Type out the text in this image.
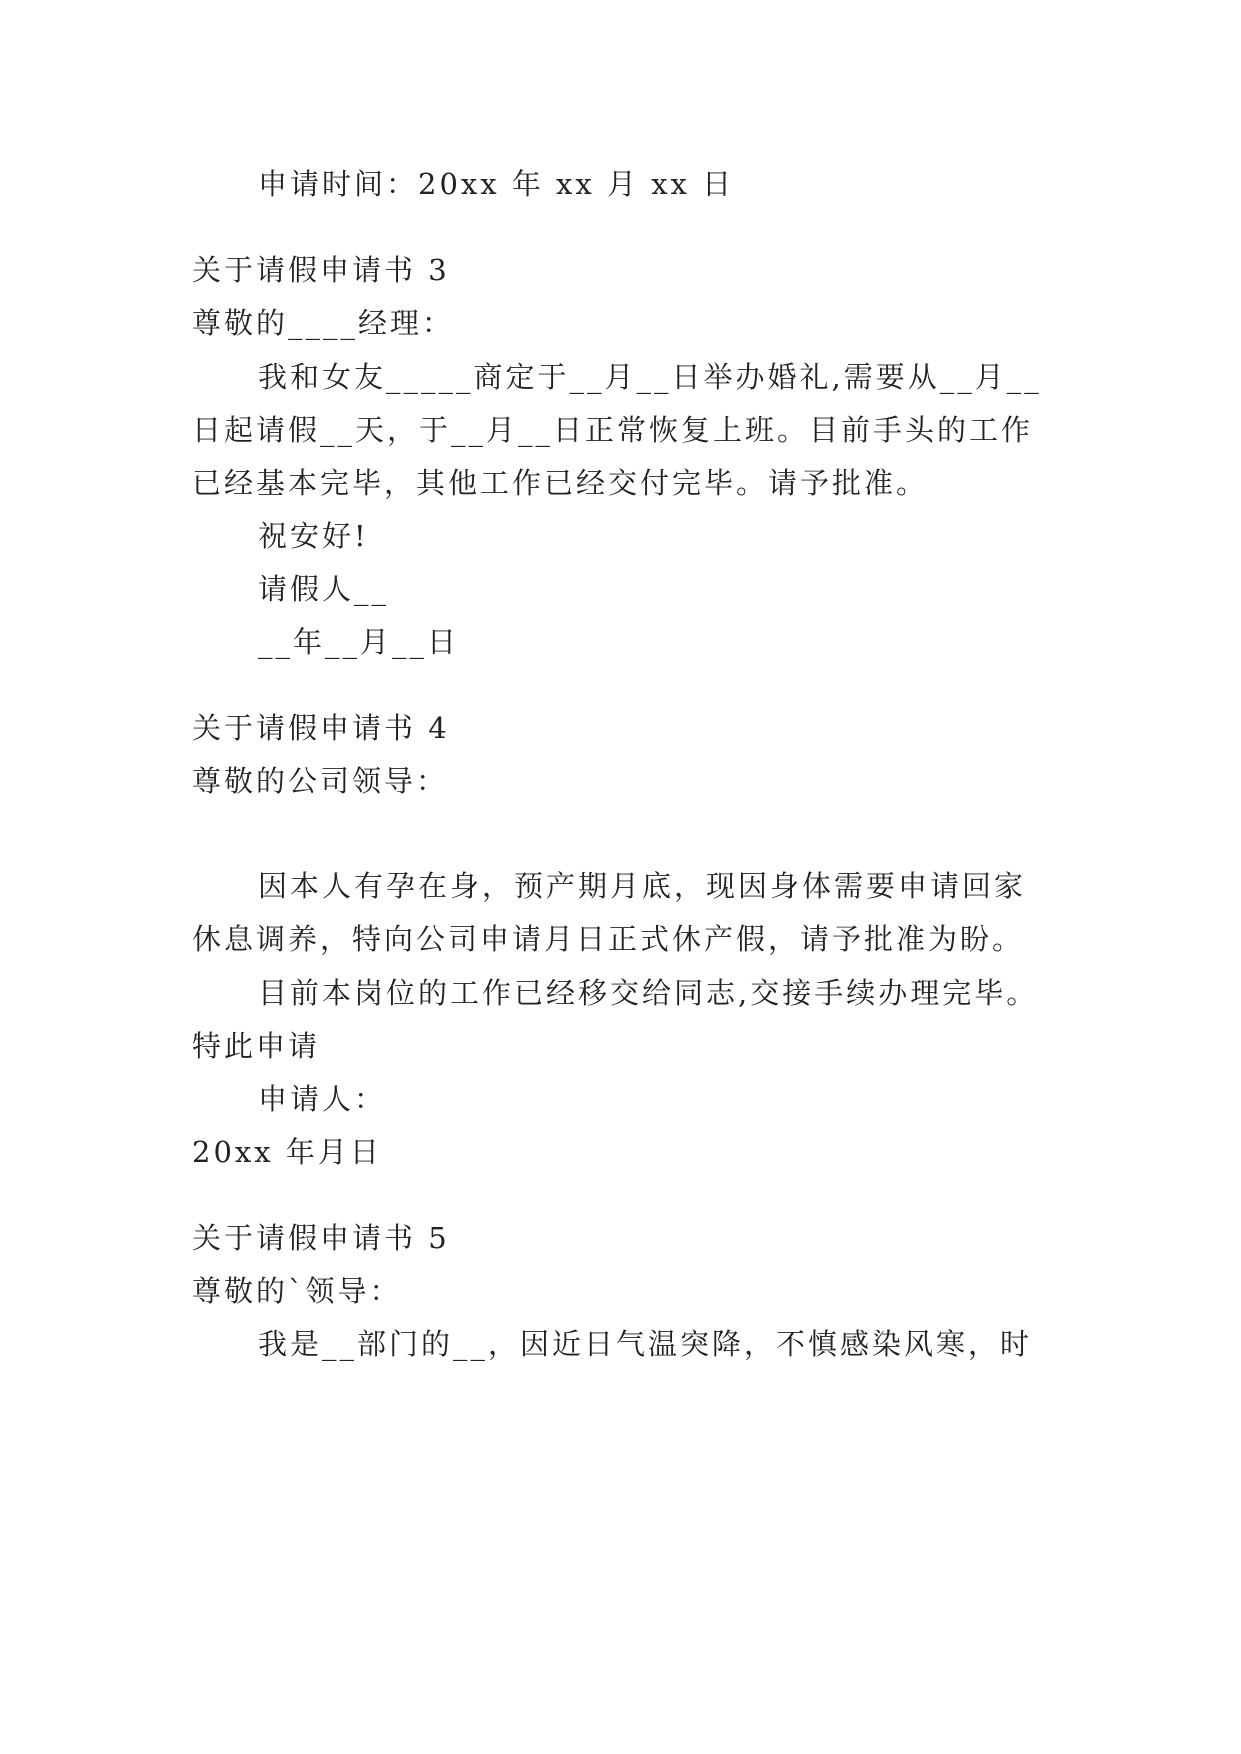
申请时间：20xx 年 xx 月 xx 日
关于请假申请书 3
尊敬的____经理：
我和女友_____商定于__月__日举办婚礼,需要从__月__
日起请假__天，于__月__日正常恢复上班。目前手头的工作
已经基本完毕，其他工作已经交付完毕。请予批准。
祝安好!
请假人__
__年__月__日
关于请假申请书 4
尊敬的公司领导：
因本人有孕在身，预产期月底，现因身体需要申请回家
休息调养，特向公司申请月日正式休产假，请予批准为盼。
目前本岗位的工作已经移交给同志,交接手续办理完毕。
特此申请
申请人：
20xx 年月日
关于请假申请书 5
尊敬的`领导：
我是__部门的__，因近日气温突降，不慎感染风寒，时
